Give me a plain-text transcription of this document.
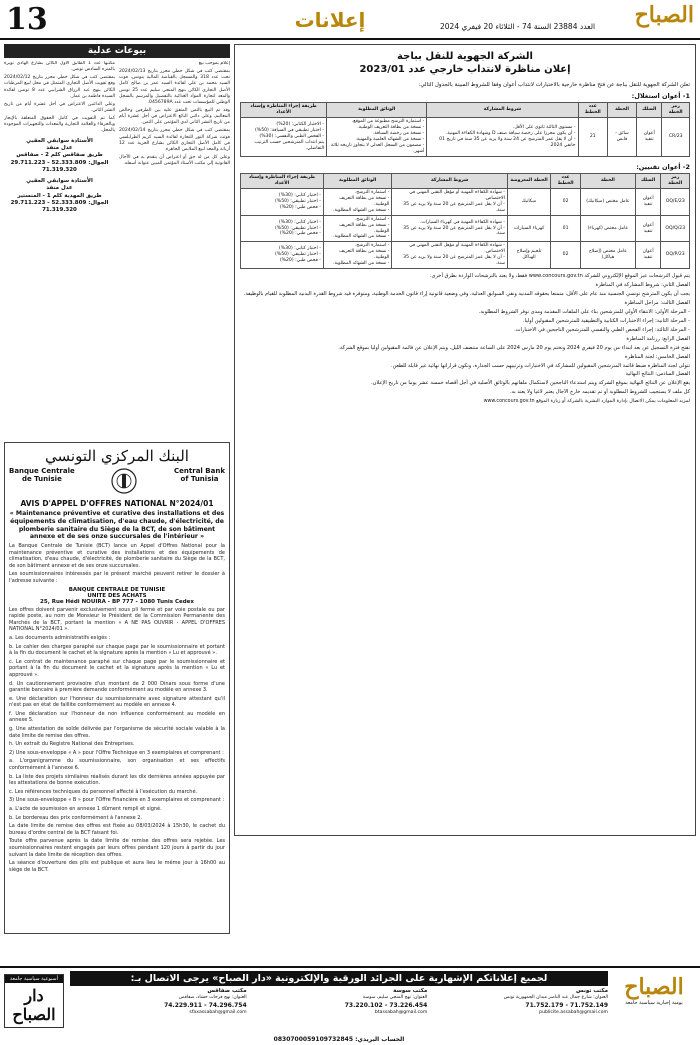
13	إعلانات	العدد 23884 السنة 74 - الثلاثاء 20 فيفري 2024 الصباح
بيوعات عدلية

مكتبها عدد 1 الطابق الأول الكائن بشارع الهادي نويرة بالمنزه السادس تونس.

بمقتضى كتب في شكل خطي محرر بتاريخ 2024/02/12 وقع تفويت الأصل التجاري المتمثل في محل لبيع المرطبات الكائن بنهج عبد الرزاق الشرايبي عدد 8 تونس لفائدة السيدة فاطمة بن عمار.

وعلى الدائنين الاعتراض في أجل عشرة أيام من تاريخ النشر الثاني.

كما تم التفويت في كامل الحقوق المتعلقة بالإيجار وبالحرفاء والعلامة التجارية والمعدات والتجهيزات الموجودة بالمحل.

الأستاذة سوابقي العقبي
عدل منفذ
طريق صفاقس كلم 2 - صفاقس
الجوال: 52.333.809 - 29.711.223
71.319.320
الأستاذة سوابقي العقبي
عدل منفذ
طريق المهدية كلم 1 - المنستير
الجوال: 52.333.809 - 29.711.223
71.319.320

إعلام بموجب بيع

بمقتضى كتب في شكل خطي محرر بتاريخ 2024/02/13 تحت عدد 318 والمسجل بالقباضة المالية بتونس، فوت السيد محمد بن علي لفائدة السيد عمر بن صالح كامل الأصل التجاري الكائن بنهج المنجي سليم عدد 25 تونس والمعد لتجارة المواد الغذائية بالتفصيل والمرسم بالسجل الوطني للمؤسسات تحت عدد 0456789A.

وقد تم البيع بالثمن المتفق عليه بين الطرفين وخالص المعاليم، وعلى دائني البائع الاعتراض في أجل عشرة أيام من تاريخ النشر الثاني لدى المؤتمن على الثمن.

بمقتضى كتب في شكل خطي محرر بتاريخ 2024/02/14 فوتت شركة النور للتجارة لفائدة السيد كريم الطرابلسي في كامل الأصل التجاري الكائن بشارع الحرية عدد 12 أريانة والمعد لبيع الملابس الجاهزة.

وعلى كل من له حق أو اعتراض أن يتقدم به في الآجال القانونية إلى مكتب الأستاذ المؤتمن المبين عنوانه أسفله.

البنك المركزي التونسي
Banque Centrale
de Tunisie
Central Bank
of Tunisia
AVIS D'APPEL D'OFFRES NATIONAL N°2024/01
« Maintenance préventive et curative des installations et des équipements de climatisation, d'eau chaude, d'électricité, de plomberie sanitaire du Siège de la BCT, de son bâtiment annexe et de ses onze succursales de l'intérieur »

La Banque Centrale de Tunisie (BCT) lance un Appel d'Offres National pour la maintenance préventive et curative des installations et des équipements de climatisation, d'eau chaude, d'électricité, de plomberie sanitaire du Siège de la BCT, de son bâtiment annexe et de ses onze succursales.

Les soumissionnaires intéressés par le présent marché peuvent retirer le dossier à l'adresse suivante :

BANQUE CENTRALE DE TUNISIE
UNITE DES ACHATS
25, Rue Hédi NOUIRA - BP 777 - 1080 Tunis Cedex

Les offres doivent parvenir exclusivement sous pli fermé et par voie postale ou par rapide poste, au nom de Monsieur le Président de la Commission Permanente des Marchés de la BCT, portant la mention « A NE PAS OUVRIR - APPEL D'OFFRES NATIONAL N°2024/01 ».

a. Les documents administratifs exigés :

b. Le cahier des charges paraphé sur chaque page par le soumissionnaire et portant à la fin du document le cachet et la signature après la mention « Lu et approuvé ».

c. Le contrat de maintenance paraphé sur chaque page par le soumissionnaire et portant à la fin du document le cachet et la signature après la mention « Lu et approuvé ».

d. Un cautionnement provisoire d'un montant de 2 000 Dinars sous forme d'une garantie bancaire à première demande conformément au modèle en annexe 3.

e. Une déclaration sur l'honneur du soumissionnaire avec signature attestant qu'il n'est pas en état de faillite conformément au modèle en annexe 4.

f. Une déclaration sur l'honneur de non influence conformément au modèle en annexe 5.

g. Une attestation de solde délivrée par l'organisme de sécurité sociale valable à la date limite de remise des offres.

h. Un extrait du Registre National des Entreprises.

2) Une sous-enveloppe « A » pour l'Offre Technique en 3 exemplaires et comprenant :

a. L'organigramme du soumissionnaire, son organisation et ses effectifs conformément à l'annexe 6.

b. La liste des projets similaires réalisés durant les dix dernières années appuyée par les attestations de bonne exécution.

c. Les références techniques du personnel affecté à l'exécution du marché.

3) Une sous-enveloppe « B » pour l'Offre Financière en 3 exemplaires et comprenant :

a. L'acte de soumission en annexe 1 dûment rempli et signé.

b. Le bordereau des prix conformément à l'annexe 2.

La date limite de remise des offres est fixée au 08/03/2024 à 15h30, le cachet du bureau d'ordre central de la BCT faisant foi.

Toute offre parvenue après la date limite de remise des offres sera rejetée. Les soumissionnaires restent engagés par leurs offres pendant 120 jours à partir du jour suivant la date limite de réception des offres.

La séance d'ouverture des plis est publique et aura lieu le même jour à 16h00 au siège de la BCT.

الشركة الجهوية للنقل بباجة
إعلان مناظرة لانتداب خارجي عدد 2023/01
تعلن الشركة الجهوية للنقل بباجة عن فتح مناظرة خارجية بالاختبارات لانتداب أعوان وفقا للشروط المبينة بالجدول التالي:
1- أعوان استغلال:
رمز الخطة	السلك	الخطة	عدد الخطط	شروط المشاركة	الوثائق المطلوبة	طريقة إجراء المناظرة وإسناد الأعداد
CR/23	أعوان تنفيذ	سائق - قابض	21	- مستوى الثالثة ثانوي على الأقل.
- أن يكون محرزا على رخصة سياقة صنف D وشهادة الكفاءة المهنية.
- أن لا يقل عمر المترشح عن 24 سنة ولا يزيد عن 35 سنة في تاريخ 01 جانفي 2024.	- استمارة الترشح مطبوعة من الموقع.
- نسخة من بطاقة التعريف الوطنية.
- نسخة من رخصة السياقة.
- نسخة من الشهائد العلمية والمهنية.
- مضمون من السجل العدلي لا يتجاوز تاريخه ثلاثة أشهر.	- الاختبار الكتابي: (20%)
- اختبار تطبيقي في السياقة: (50%)
- الفحص الطبي والنفسي: (30%)
يتم انتداب المترشحين حسب الترتيب التفاضلي.
2- أعوان تقنيين:
رمز الخطة	السلك	الخطة	عدد الخطط	الخطة المعروضة	شروط المشاركة	الوثائق المطلوبة	طريقة إجراء المناظرة وإسناد الأعداد
OQ/E/23	أعوان تنفيذ	عامل مختص (ميكانيك)	02	ميكانيك	- شهادة الكفاءة المهنية أو مؤهل التقني المهني في الاختصاص.
- أن لا يقل عمر المترشح عن 20 سنة ولا يزيد عن 35 سنة.	- استمارة الترشح.
- نسخة من بطاقة التعريف الوطنية.
- نسخة من الشهائد المطلوبة.	- اختبار كتابي: (30%)
- اختبار تطبيقي: (50%)
- فحص طبي: (20%)
OQ/Q/23	أعوان تنفيذ	عامل مختص (كهرباء)	01	كهرباء السيارات	- شهادة الكفاءة المهنية في كهرباء السيارات.
- أن لا يقل عمر المترشح عن 20 سنة ولا يزيد عن 35 سنة.	- استمارة الترشح.
- نسخة من بطاقة التعريف الوطنية.
- نسخة من الشهائد المطلوبة.	- اختبار كتابي: (30%)
- اختبار تطبيقي: (50%)
- فحص طبي: (20%)
OQ/P/23	أعوان تنفيذ	عامل مختص (إصلاح هياكل)	02	تلحيم وإصلاح الهياكل	- شهادة الكفاءة المهنية أو مؤهل التقني المهني في الاختصاص.
- أن لا يقل عمر المترشح عن 20 سنة ولا يزيد عن 35 سنة.	- استمارة الترشح.
- نسخة من بطاقة التعريف الوطنية.
- نسخة من الشهائد المطلوبة.	- اختبار كتابي: (30%)
- اختبار تطبيقي: (50%)
- فحص طبي: (20%)

يتم قبول الترشحات عبر الموقع الإلكتروني للشركة www.concours.gov.tn فقط، ولا يعتد بالترشحات الواردة بطرق أخرى.

الفصل الثاني: شروط المشاركة في المناظرة

يجب أن يكون المترشح تونسي الجنسية منذ عام على الأقل، متمتعا بحقوقه المدنية ونقي السوابق العدلية، وفي وضعية قانونية إزاء قانون الخدمة الوطنية، ومتوفرة فيه شروط القدرة البدنية المطلوبة للقيام بالوظيفة.

الفصل الثالث: مراحل المناظرة

- المرحلة الأولى: الانتقاء الأولي للمترشحين بناء على الملفات المقدمة ومدى توفر الشروط المطلوبة.

- المرحلة الثانية: إجراء الاختبارات الكتابية والتطبيقية للمترشحين المقبولين أوليا.

- المرحلة الثالثة: إجراء الفحص الطبي والنفسي للمترشحين الناجحين في الاختبارات.

الفصل الرابع: رزنامة المناظرة

تفتح فترة التسجيل عن بعد ابتداء من يوم 20 فيفري 2024 وتختم يوم 20 مارس 2024 على الساعة منتصف الليل، ويتم الإعلان عن قائمة المقبولين أوليا بموقع الشركة.

الفصل الخامس: لجنة المناظرة

تتولى لجنة المناظرة ضبط قائمة المترشحين المقبولين للمشاركة في الاختبارات وترتيبهم حسب الجدارة، وتكون قراراتها نهائية غير قابلة للطعن.

الفصل السادس: النتائج النهائية

يقع الإعلان عن النتائج النهائية بموقع الشركة ويتم استدعاء الناجحين لاستكمال ملفاتهم بالوثائق الأصلية في أجل أقصاه خمسة عشر يوما من تاريخ الإعلان.

كل ملف لا يستجيب للشروط المطلوبة أو تم تقديمه خارج الآجال يعتبر لاغيا ولا يعتد به.

لمزيد المعلومات يمكن الاتصال بإدارة الموارد البشرية بالشركة أو زيارة الموقع www.concours.gov.tn
أسبوعية سياسية جامعة
دار الصباح
لجميع إعلاناتكم الإشهارية على الجرائد الورقية والإلكترونية «دار الصباح» يرجى الاتصال بـ:
مكتب تونس
العنوان: شارع جمال عبد الناصر ميدان الجمهورية تونس
71.752.179 - 71.752.149
publicite.assabah@gmail.com
مكتب سوسة
العنوان: نهج المنجي سليم، سوسة
73.220.102 - 73.226.454
btassabah@gmail.com
مكتب صفاقس
العنوان: نهج فرحات حشاد، صفاقس
74.229.911 - 74.296.754
sfaxassabah@gmail.com
الحساب البريدي: 0830700059109732845
الصباح
يومية إخبارية سياسية جامعة
